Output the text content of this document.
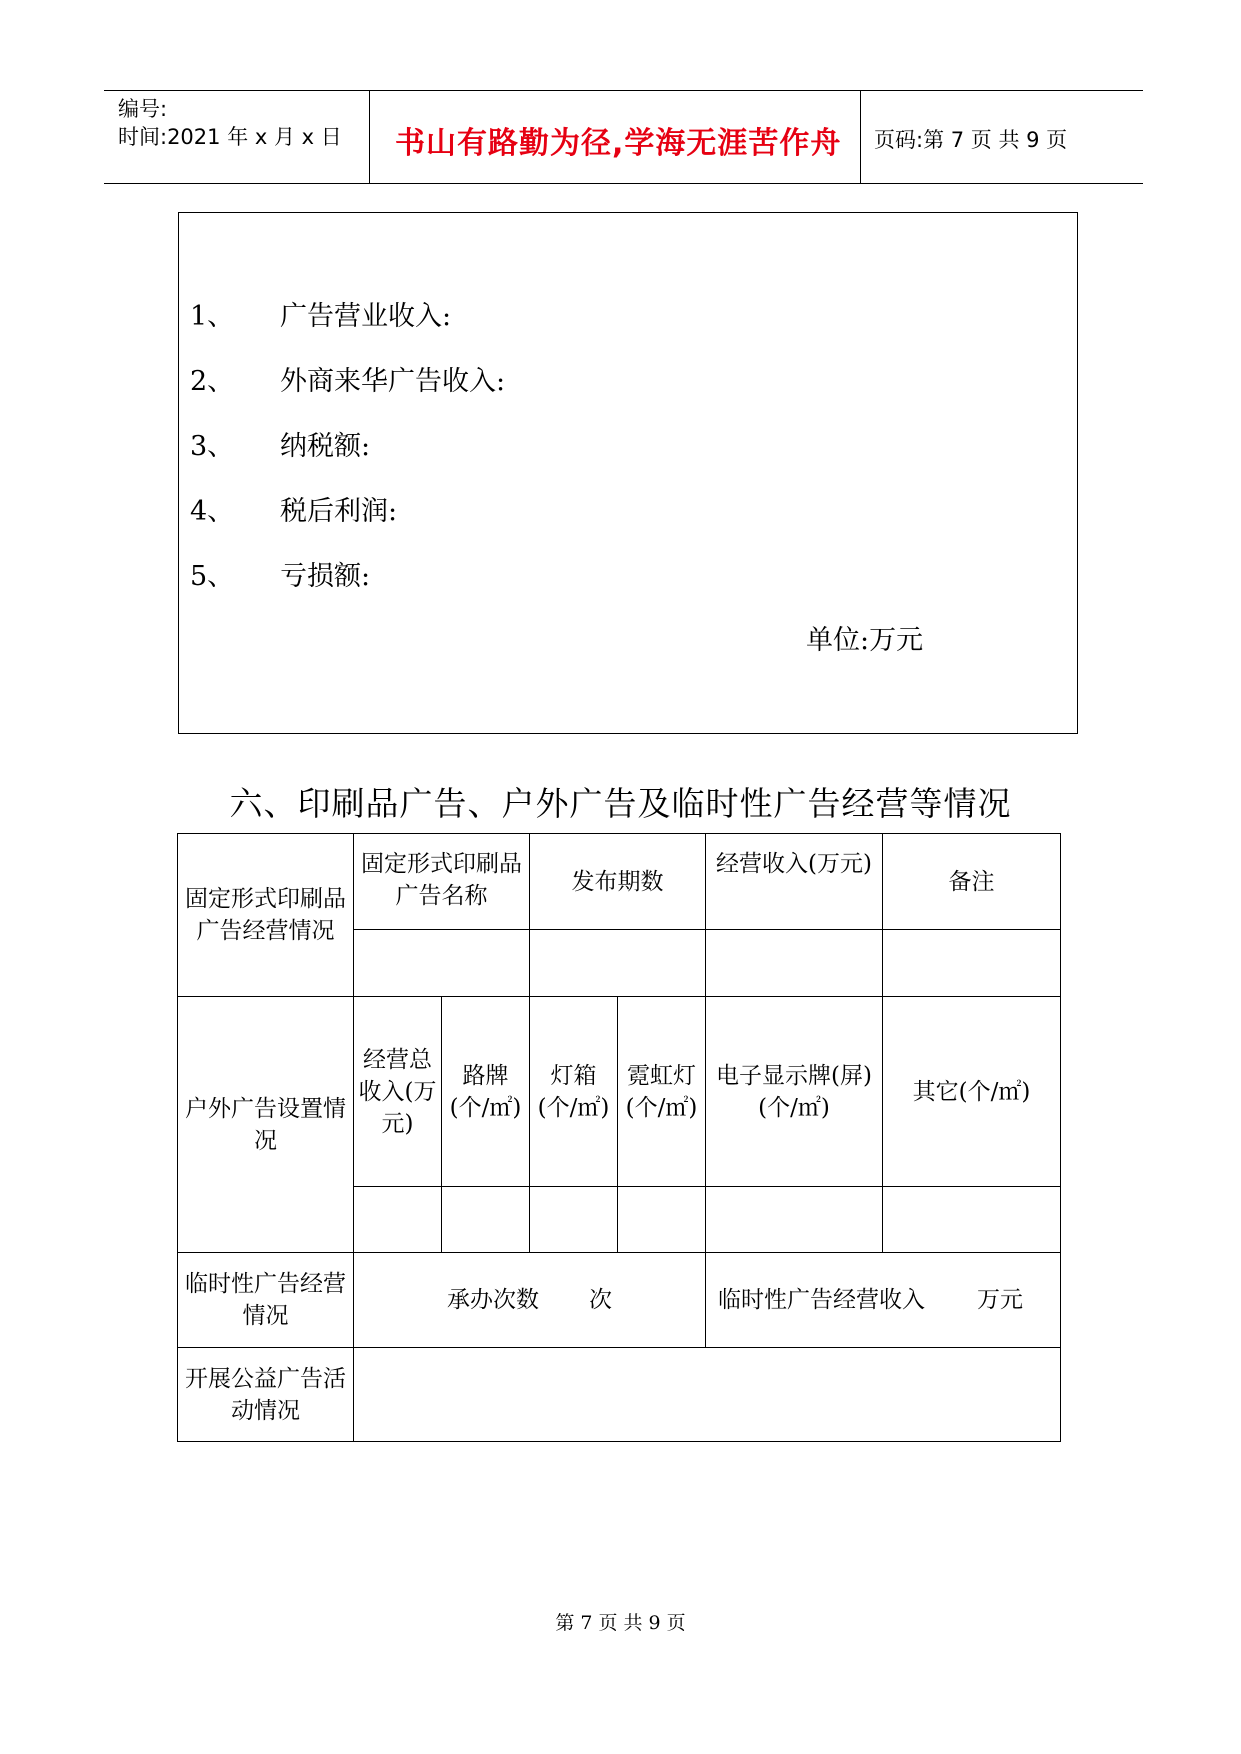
编号:
时间:2021 年 x 月 x 日 书山有路勤为径,学海无涯苦作舟 页码:第 7 页 共 9 页
1、 广告营业收入:
2、 外商来华广告收入:
3、 纳税额:
4、 税后利润:
5、 亏损额:
单位:万元
六、印刷品广告、户外广告及临时性广告经营等情况
固定形式印刷品广告经营情况	固定形式印刷品广告名称		发布期数		经营收入(万元)	备注

户外广告设置情况	经营总收入(万元)	路牌(个/㎡)	灯箱(个/㎡)	霓虹灯(个/㎡)	电子显示牌(屏)(个/㎡)	其它(个/㎡)

临时性广告经营情况	承办次数 次				临时性广告经营收入 万元	
开展公益广告活动情况						
第 7 页 共 9 页
